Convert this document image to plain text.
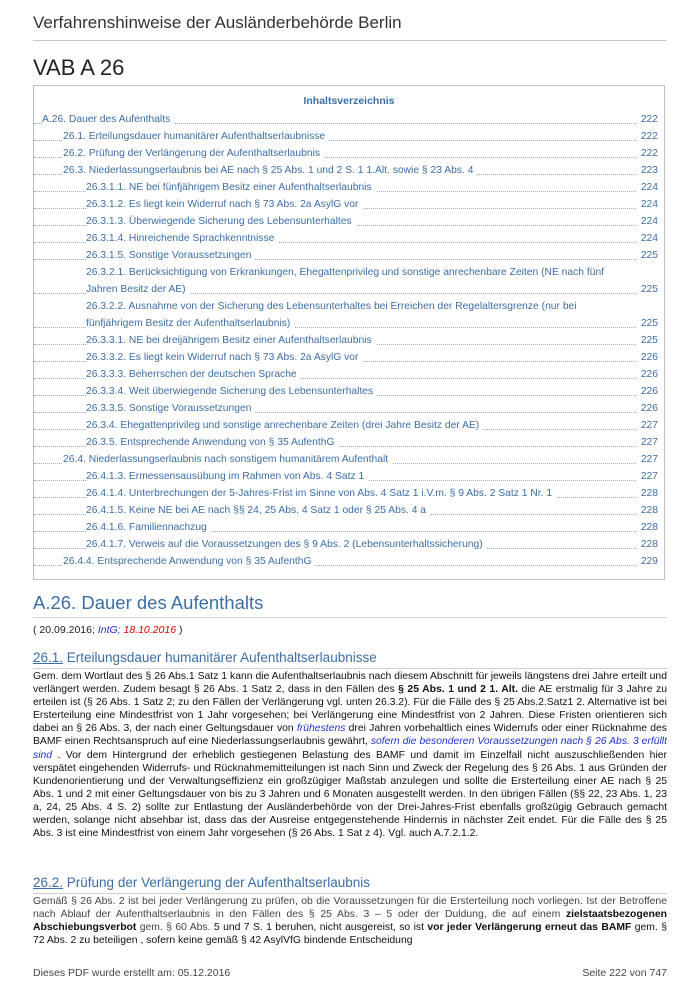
Verfahrenshinweise der Ausländerbehörde Berlin
VAB A 26
Inhaltsverzeichnis
A.26. Dauer des Aufenthalts	222
26.1. Erteilungsdauer humanitärer Aufenthaltserlaubnisse	222
26.2. Prüfung der Verlängerung der Aufenthaltserlaubnis	222
26.3. Niederlassungserlaubnis bei AE nach § 25 Abs. 1 und 2 S. 1 1.Alt. sowie § 23 Abs. 4	223
26.3.1.1. NE bei fünfjährigem Besitz einer Aufenthaltserlaubnis	224
26.3.1.2. Es liegt kein Widerruf nach § 73 Abs. 2a AsylG vor	224
26.3.1.3. Überwiegende Sicherung des Lebensunterhaltes	224
26.3.1.4. Hinreichende Sprachkenntnisse	224
26.3.1.5. Sonstige Voraussetzungen	225
26.3.2.1. Berücksichtigung von Erkrankungen, Ehegattenprivileg und sonstige anrechenbare Zeiten (NE nach fünf
Jahren Besitz der AE)	225
26.3.2.2. Ausnahme von der Sicherung des Lebensunterhaltes bei Erreichen der Regelaltersgrenze (nur bei
fünfjährigem Besitz der Aufenthaltserlaubnis)	225
26.3.3.1. NE bei dreijährigem Besitz einer Aufenthaltserlaubnis	225
26.3.3.2. Es liegt kein Widerruf nach § 73 Abs. 2a AsylG vor	226
26.3.3.3. Beherrschen der deutschen Sprache	226
26.3.3.4. Weit überwiegende Sicherung des Lebensunterhaltes	226
26.3.3.5. Sonstige Voraussetzungen	226
26.3.4. Ehegattenprivileg und sonstige anrechenbare Zeiten (drei Jahre Besitz der AE)	227
26.3.5. Entsprechende Anwendung von § 35 AufenthG	227
26.4. Niederlassungserlaubnis nach sonstigem humanitärem Aufenthalt	227
26.4.1.3. Ermessensausübung im Rahmen von Abs. 4 Satz 1	227
26.4.1.4. Unterbrechungen der 5-Jahres-Frist im Sinne von Abs. 4 Satz 1 i.V.m. § 9 Abs. 2 Satz 1 Nr. 1	228
26.4.1.5. Keine NE bei AE nach §§ 24, 25 Abs. 4 Satz 1 oder § 25 Abs. 4 a	228
26.4.1.6. Familiennachzug	228
26.4.1.7. Verweis auf die Voraussetzungen des § 9 Abs. 2 (Lebensunterhaltssicherung)	228
26.4.4. Entsprechende Anwendung von § 35 AufenthG	229
A.26. Dauer des Aufenthalts
( 20.09.2016; IntG; 18.10.2016 )
26.1. Erteilungsdauer humanitärer Aufenthaltserlaubnisse
Gem. dem Wortlaut des § 26 Abs.1 Satz 1 kann die Aufenthaltserlaubnis nach diesem Abschnitt für jeweils längstens drei Jahre erteilt und verlängert werden. Zudem besagt § 26 Abs. 1 Satz 2, dass in den Fällen des § 25 Abs. 1 und 2 1. Alt. die AE erstmalig für 3 Jahre zu erteilen ist (§ 26 Abs. 1 Satz 2; zu den Fällen der Verlängerung vgl. unten 26.3.2). Für die Fälle des § 25 Abs.2.Satz1 2. Alternative ist bei Ersterteilung eine Mindestfrist von 1 Jahr vorgesehen; bei Verlängerung eine Mindestfrist von 2 Jahren. Diese Fristen orientieren sich dabei an § 26 Abs. 3, der nach einer Geltungsdauer von frühestens drei Jahren vorbehaltlich eines Widerrufs oder einer Rücknahme des BAMF einen Rechtsanspruch auf eine Niederlassungserlaubnis gewährt, sofern die besonderen Voraussetzungen nach § 26 Abs. 3 erfüllt sind . Vor dem Hintergrund der erheblich gestiegenen Belastung des BAMF und damit im Einzelfall nicht auszuschließenden hier verspätet eingehenden Widerrufs- und Rücknahmemitteilungen ist nach Sinn und Zweck der Regelung des § 26 Abs. 1 aus Gründen der Kundenorientierung und der Verwaltungseffizienz ein großzügiger Maßstab anzulegen und sollte die Ersterteilung einer AE nach § 25 Abs. 1 und 2 mit einer Geltungsdauer von bis zu 3 Jahren und 6 Monaten ausgestellt werden. In den übrigen Fällen (§§ 22, 23 Abs. 1, 23 a, 24, 25 Abs. 4 S. 2) sollte zur Entlastung der Ausländerbehörde von der Drei-Jahres-Frist ebenfalls großzügig Gebrauch gemacht werden, solange nicht absehbar ist, dass das der Ausreise entgegenstehende Hindernis in nächster Zeit endet. Für die Fälle des § 25 Abs. 3 ist eine Mindestfrist von einem Jahr vorgesehen (§ 26 Abs. 1 Sat z 4). Vgl. auch A.7.2.1.2.
26.2. Prüfung der Verlängerung der Aufenthaltserlaubnis
Gemäß § 26 Abs. 2 ist bei jeder Verlängerung zu prüfen, ob die Voraussetzungen für die Ersterteilung noch vorliegen. Ist der Betroffene nach Ablauf der Aufenthaltserlaubnis in den Fällen des § 25 Abs. 3 – 5 oder der Duldung, die auf einem zielstaatsbezogenen Abschiebungsverbot gem. § 60 Abs. 5 und 7 S. 1 beruhen, nicht ausgereist, so ist vor jeder Verlängerung erneut das BAMF gem. § 72 Abs. 2 zu beteiligen , sofern keine gemäß § 42 AsylVfG bindende Entscheidung
Dieses PDF wurde erstellt am: 05.12.2016	Seite 222 von 747
